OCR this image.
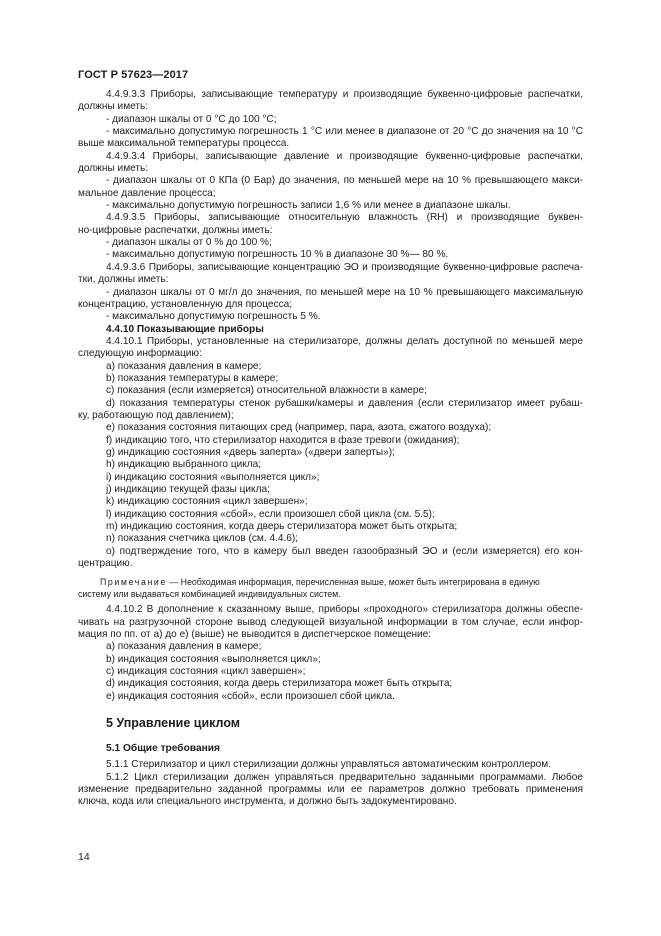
ГОСТ Р 57623—2017
4.4.9.3.3 Приборы, записывающие температуру и производящие буквенно-цифровые распечатки,
должны иметь:
- диапазон шкалы от 0 °С до 100 °С;
- максимально допустимую погрешность 1 °С или менее в диапазоне от 20 °С до значения на 10 °С
выше максимальной температуры процесса.
4.4.9.3.4 Приборы, записывающие давление и производящие буквенно-цифровые распечатки,
должны иметь:
- диапазон шкалы от 0 КПа (0 Бар) до значения, по меньшей мере на 10 % превышающего макси-
мальное давление процесса;
- максимально допустимую погрешность записи 1,6 % или менее в диапазоне шкалы.
4.4.9.3.5 Приборы, записывающие относительную влажность (RH) и производящие буквен-
но-цифровые распечатки, должны иметь:
- диапазон шкалы от 0 % до 100 %;
- максимально допустимую погрешность 10 % в диапазоне 30 %— 80 %.
4.4.9.3.6 Приборы, записывающие концентрацию ЭО и производящие буквенно-цифровые распеча-
тки, должны иметь:
- диапазон шкалы от 0 мг/л до значения, по меньшей мере на 10 % превышающего максимальную
концентрацию, установленную для процесса;
- максимально допустимую погрешность 5 %.
4.4.10 Показывающие приборы
4.4.10.1 Приборы, установленные на стерилизаторе, должны делать доступной по меньшей мере
следующую информацию:
a) показания давления в камере;
b) показания температуры в камере;
c) показания (если измеряется) относительной влажности в камере;
d) показания температуры стенок рубашки/камеры и давления (если стерилизатор имеет рубаш-
ку, работающую под давлением);
e) показания состояния питающих сред (например, пара, азота, сжатого воздуха);
f) индикацию того, что стерилизатор находится в фазе тревоги (ожидания);
g) индикацию состояния «дверь заперта» («двери заперты»);
h) индикацию выбранного цикла;
i) индикацию состояния «выполняется цикл»;
j) индикацию текущей фазы цикла;
k) индикацию состояния «цикл завершен»;
l) индикацию состояния «сбой», если произошел сбой цикла (см. 5.5);
m) индикацию состояния, когда дверь стерилизатора может быть открыта;
n) показания счетчика циклов (см. 4.4.6);
o) подтверждение того, что в камеру был введен газообразный ЭО и (если измеряется) его кон-
центрацию.
Примечание — Необходимая информация, перечисленная выше, может быть интегрирована в единую
систему или выдаваться комбинацией индивидуальных систем.
4.4.10.2 В дополнение к сказанному выше, приборы «проходного» стерилизатора должны обеспе-
чивать на разгрузочной стороне вывод следующей визуальной информации в том случае, если инфор-
мация по пп. от а) до е) (выше) не выводится в диспетчерское помещение:
a) показания давления в камере;
b) индикация состояния «выполняется цикл»;
c) индикация состояния «цикл завершен»;
d) индикация состояния, когда дверь стерилизатора может быть открыта;
e) индикация состояния «сбой», если произошел сбой цикла.
5 Управление циклом
5.1 Общие требования
5.1.1 Стерилизатор и цикл стерилизации должны управляться автоматическим контроллером.
5.1.2 Цикл стерилизации должен управляться предварительно заданными программами. Любое
изменение предварительно заданной программы или ее параметров должно требовать применения
ключа, кода или специального инструмента, и должно быть задокументировано.
14
